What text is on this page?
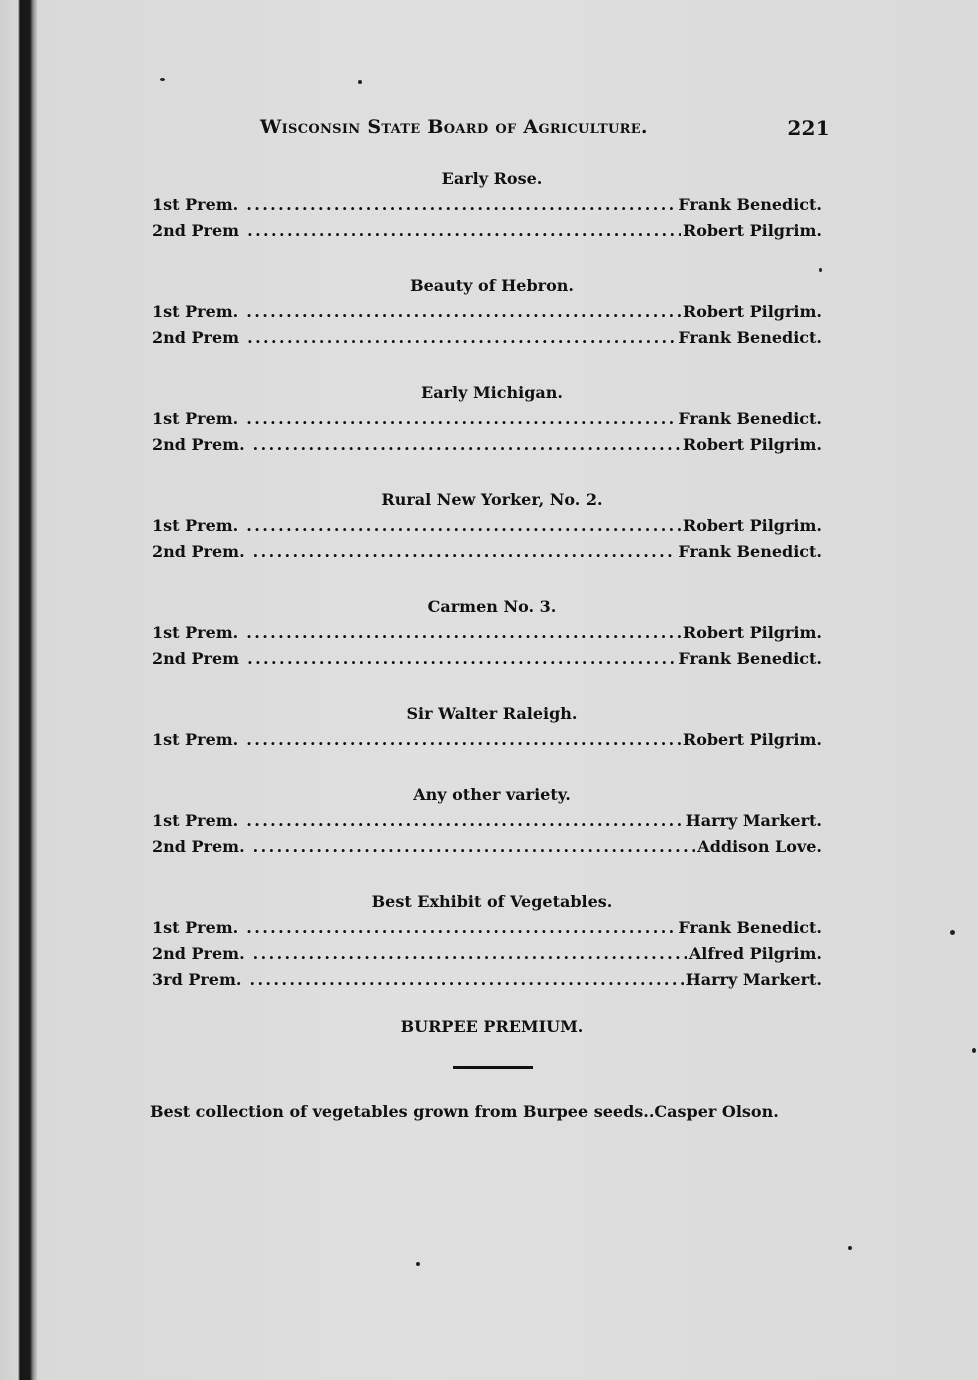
Wisconsin State Board of Agriculture.	221
Early Rose.
1st Prem. .....	Frank Benedict.
2nd Prem .....	Robert Pilgrim.
Beauty of Hebron.
1st Prem. .....	Robert Pilgrim.
2nd Prem .....	Frank Benedict.
Early Michigan.
1st Prem. .....	Frank Benedict.
2nd Prem. .....	Robert Pilgrim.
Rural New Yorker, No. 2.
1st Prem. .....	Robert Pilgrim.
2nd Prem. .....	Frank Benedict.
Carmen No. 3.
1st Prem. .....	Robert Pilgrim.
2nd Prem .....	Frank Benedict.
Sir Walter Raleigh.
1st Prem. .....	Robert Pilgrim.
Any other variety.
1st Prem. .....	Harry Markert.
2nd Prem. .....	Addison Love.
Best Exhibit of Vegetables.
1st Prem. .....	Frank Benedict.
2nd Prem. .....	Alfred Pilgrim.
3rd Prem. .....	Harry Markert.
BURPEE PREMIUM.
Best collection of vegetables grown from Burpee seeds..Casper Olson.
